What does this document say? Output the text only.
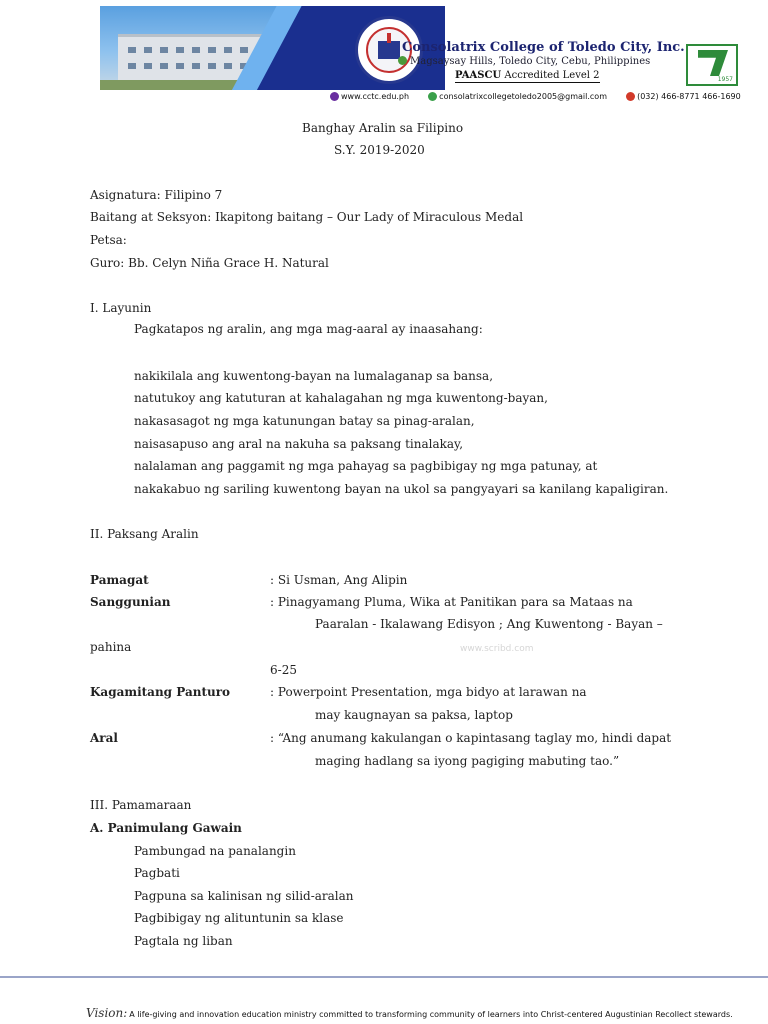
Consolatrix College of Toledo City, Inc.
Magsaysay Hills, Toledo City, Cebu, Philippines
PAASCU Accredited Level 2
www.cctc.edu.ph	consolatrixcollegetoledo2005@gmail.com	(032) 466-8771 466-1690
1957
Banghay Aralin sa Filipino
S.Y. 2019-2020
Asignatura: Filipino 7
Baitang at Seksyon: Ikapitong baitang – Our Lady of Miraculous Medal
Petsa:
Guro: Bb. Celyn Niña Grace H. Natural
I. Layunin
Pagkatapos ng aralin, ang mga mag-aaral ay inaasahang:
nakikilala ang kuwentong-bayan na lumalaganap sa bansa,
natutukoy ang katuturan at kahalagahan ng mga kuwentong-bayan,
nakasasagot ng mga katunungan batay sa pinag-aralan,
naisasapuso ang aral na nakuha sa paksang tinalakay,
nalalaman ang paggamit ng mga pahayag sa pagbibigay ng mga patunay, at
nakakabuo ng sariling kuwentong bayan na ukol sa pangyayari sa kanilang kapaligiran.
II. Paksang Aralin
Pamagat	: Si Usman, Ang Alipin
Sanggunian	: Pinagyamang Pluma, Wika at Panitikan para sa Mataas na
Paaralan - Ikalawang Edisyon ; Ang Kuwentong - Bayan –
pahina	www.scribd.com
6-25
Kagamitang Panturo	: Powerpoint Presentation, mga bidyo at larawan na
may kaugnayan sa paksa, laptop
Aral	: “Ang anumang kakulangan o kapintasang taglay mo, hindi dapat
maging hadlang sa iyong pagiging mabuting tao.”
III. Pamamaraan
A. Panimulang Gawain
Pambungad na panalangin
Pagbati
Pagpuna sa kalinisan ng silid-aralan
Pagbibigay ng alituntunin sa klase
Pagtala ng liban
Vision: A life-giving and innovation education ministry committed to transforming community of learners into Christ-centered Augustinian Recollect stewards.
